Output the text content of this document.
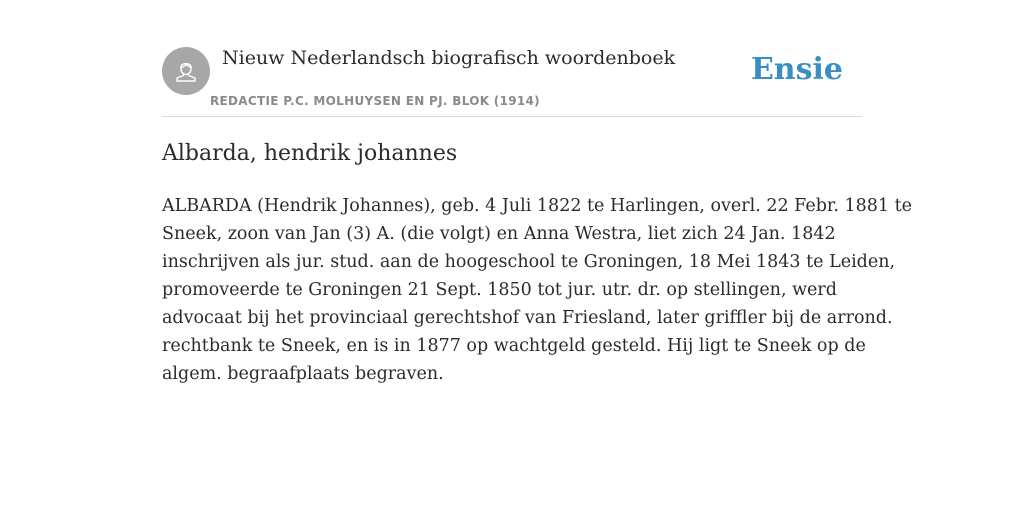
Nieuw Nederlandsch biografisch woordenboek
REDACTIE P.C. MOLHUYSEN EN PJ. BLOK (1914)
Ensie
Albarda, hendrik johannes

ALBARDA (Hendrik Johannes), geb. 4 Juli 1822 te Harlingen, overl. 22 Febr. 1881 te
Sneek, zoon van Jan (3) A. (die volgt) en Anna Westra, liet zich 24 Jan. 1842
inschrijven als jur. stud. aan de hoogeschool te Groningen, 18 Mei 1843 te Leiden,
promoveerde te Groningen 21 Sept. 1850 tot jur. utr. dr. op stellingen, werd
advocaat bij het provinciaal gerechtshof van Friesland, later griffler bij de arrond.
rechtbank te Sneek, en is in 1877 op wachtgeld gesteld. Hij ligt te Sneek op de
algem. begraafplaats begraven.
